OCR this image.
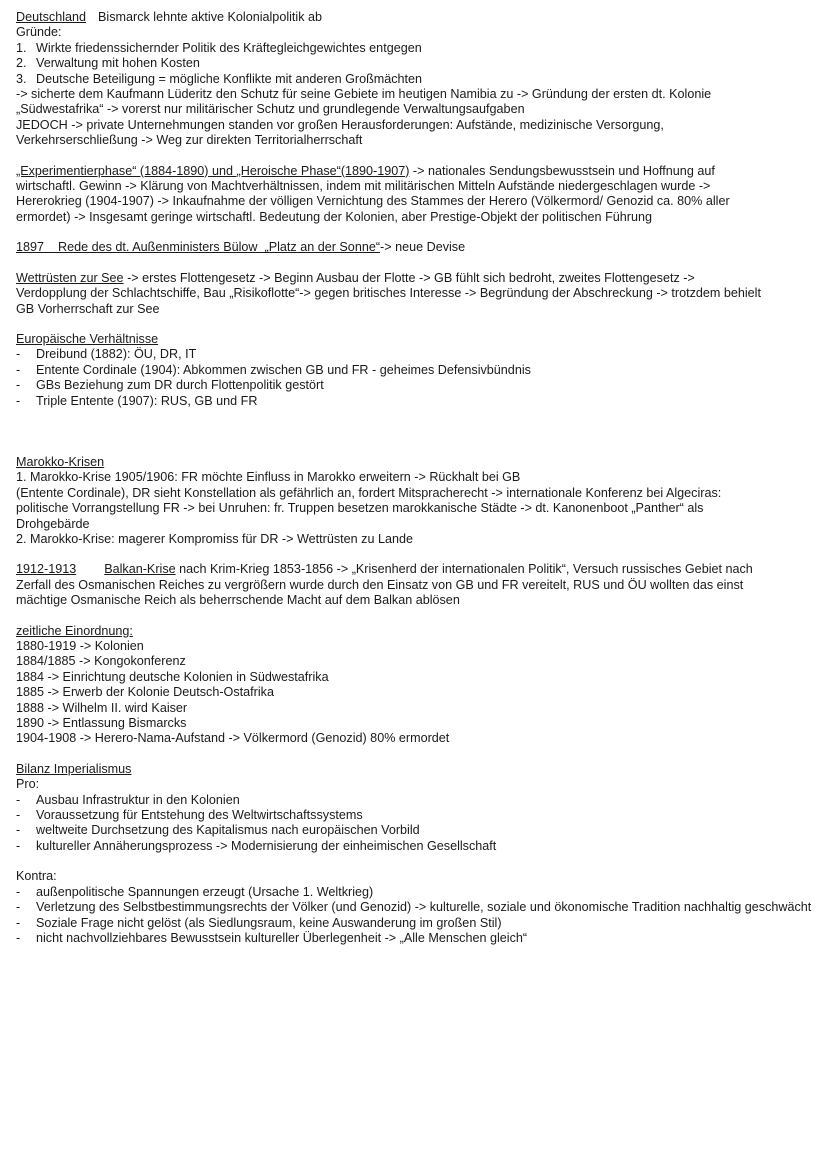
Deutschland Bismarck lehnte aktive Kolonialpolitik ab
Gründe:
1. Wirkte friedenssichernder Politik des Kräftegleichgewichtes entgegen
2. Verwaltung mit hohen Kosten
3. Deutsche Beteiligung = mögliche Konflikte mit anderen Großmächten
-> sicherte dem Kaufmann Lüderitz den Schutz für seine Gebiete im heutigen Namibia zu -> Gründung der ersten dt. Kolonie
„Südwestafrika“ -> vorerst nur militärischer Schutz und grundlegende Verwaltungsaufgaben
JEDOCH -> private Unternehmungen standen vor großen Herausforderungen: Aufstände, medizinische Versorgung,
Verkehrserschließung -> Weg zur direkten Territorialherrschaft
„Experimentierphase“ (1884-1890) und „Heroische Phase“(1890-1907) -> nationales Sendungsbewusstsein und Hoffnung auf
wirtschaftl. Gewinn -> Klärung von Machtverhältnissen, indem mit militärischen Mitteln Aufstände niedergeschlagen wurde ->
Hererokrieg (1904-1907) -> Inkaufnahme der völligen Vernichtung des Stammes der Herero (Völkermord/ Genozid ca. 80% aller
ermordet) -> Insgesamt geringe wirtschaftl. Bedeutung der Kolonien, aber Prestige-Objekt der politischen Führung
1897    Rede des dt. Außenministers Bülow  „Platz an der Sonne“-> neue Devise
Wettrüsten zur See -> erstes Flottengesetz -> Beginn Ausbau der Flotte -> GB fühlt sich bedroht, zweites Flottengesetz ->
Verdopplung der Schlachtschiffe, Bau „Risikoflotte“-> gegen britisches Interesse -> Begründung der Abschreckung -> trotzdem behielt
GB Vorherrschaft zur See
Europäische Verhältnisse
- Dreibund (1882): ÖU, DR, IT
- Entente Cordinale (1904): Abkommen zwischen GB und FR - geheimes Defensivbündnis
- GBs Beziehung zum DR durch Flottenpolitik gestört
- Triple Entente (1907): RUS, GB und FR
Marokko-Krisen
1. Marokko-Krise 1905/1906: FR möchte Einfluss in Marokko erweitern -> Rückhalt bei GB
(Entente Cordinale), DR sieht Konstellation als gefährlich an, fordert Mitspracherecht -> internationale Konferenz bei Algeciras:
politische Vorrangstellung FR -> bei Unruhen: fr. Truppen besetzen marokkanische Städte -> dt. Kanonenboot „Panther“ als
Drohgebärde
2. Marokko-Krise: magerer Kompromiss für DR -> Wettrüsten zu Lande
1912-1913 Balkan-Krise nach Krim-Krieg 1853-1856 -> „Krisenherd der internationalen Politik“, Versuch russisches Gebiet nach
Zerfall des Osmanischen Reiches zu vergrößern wurde durch den Einsatz von GB und FR vereitelt, RUS und ÖU wollten das einst
mächtige Osmanische Reich als beherrschende Macht auf dem Balkan ablösen
zeitliche Einordnung:
1880-1919 -> Kolonien
1884/1885 -> Kongokonferenz
1884 -> Einrichtung deutsche Kolonien in Südwestafrika
1885 -> Erwerb der Kolonie Deutsch-Ostafrika
1888 -> Wilhelm II. wird Kaiser
1890 -> Entlassung Bismarcks
1904-1908 -> Herero-Nama-Aufstand -> Völkermord (Genozid) 80% ermordet
Bilanz Imperialismus
Pro:
- Ausbau Infrastruktur in den Kolonien
- Voraussetzung für Entstehung des Weltwirtschaftssystems
- weltweite Durchsetzung des Kapitalismus nach europäischen Vorbild
- kultureller Annäherungsprozess -> Modernisierung der einheimischen Gesellschaft
Kontra:
- außenpolitische Spannungen erzeugt (Ursache 1. Weltkrieg)
- Verletzung des Selbstbestimmungsrechts der Völker (und Genozid) -> kulturelle, soziale und ökonomische Tradition nachhaltig geschwächt
- Soziale Frage nicht gelöst (als Siedlungsraum, keine Auswanderung im großen Stil)
- nicht nachvollziehbares Bewusstsein kultureller Überlegenheit -> „Alle Menschen gleich“
